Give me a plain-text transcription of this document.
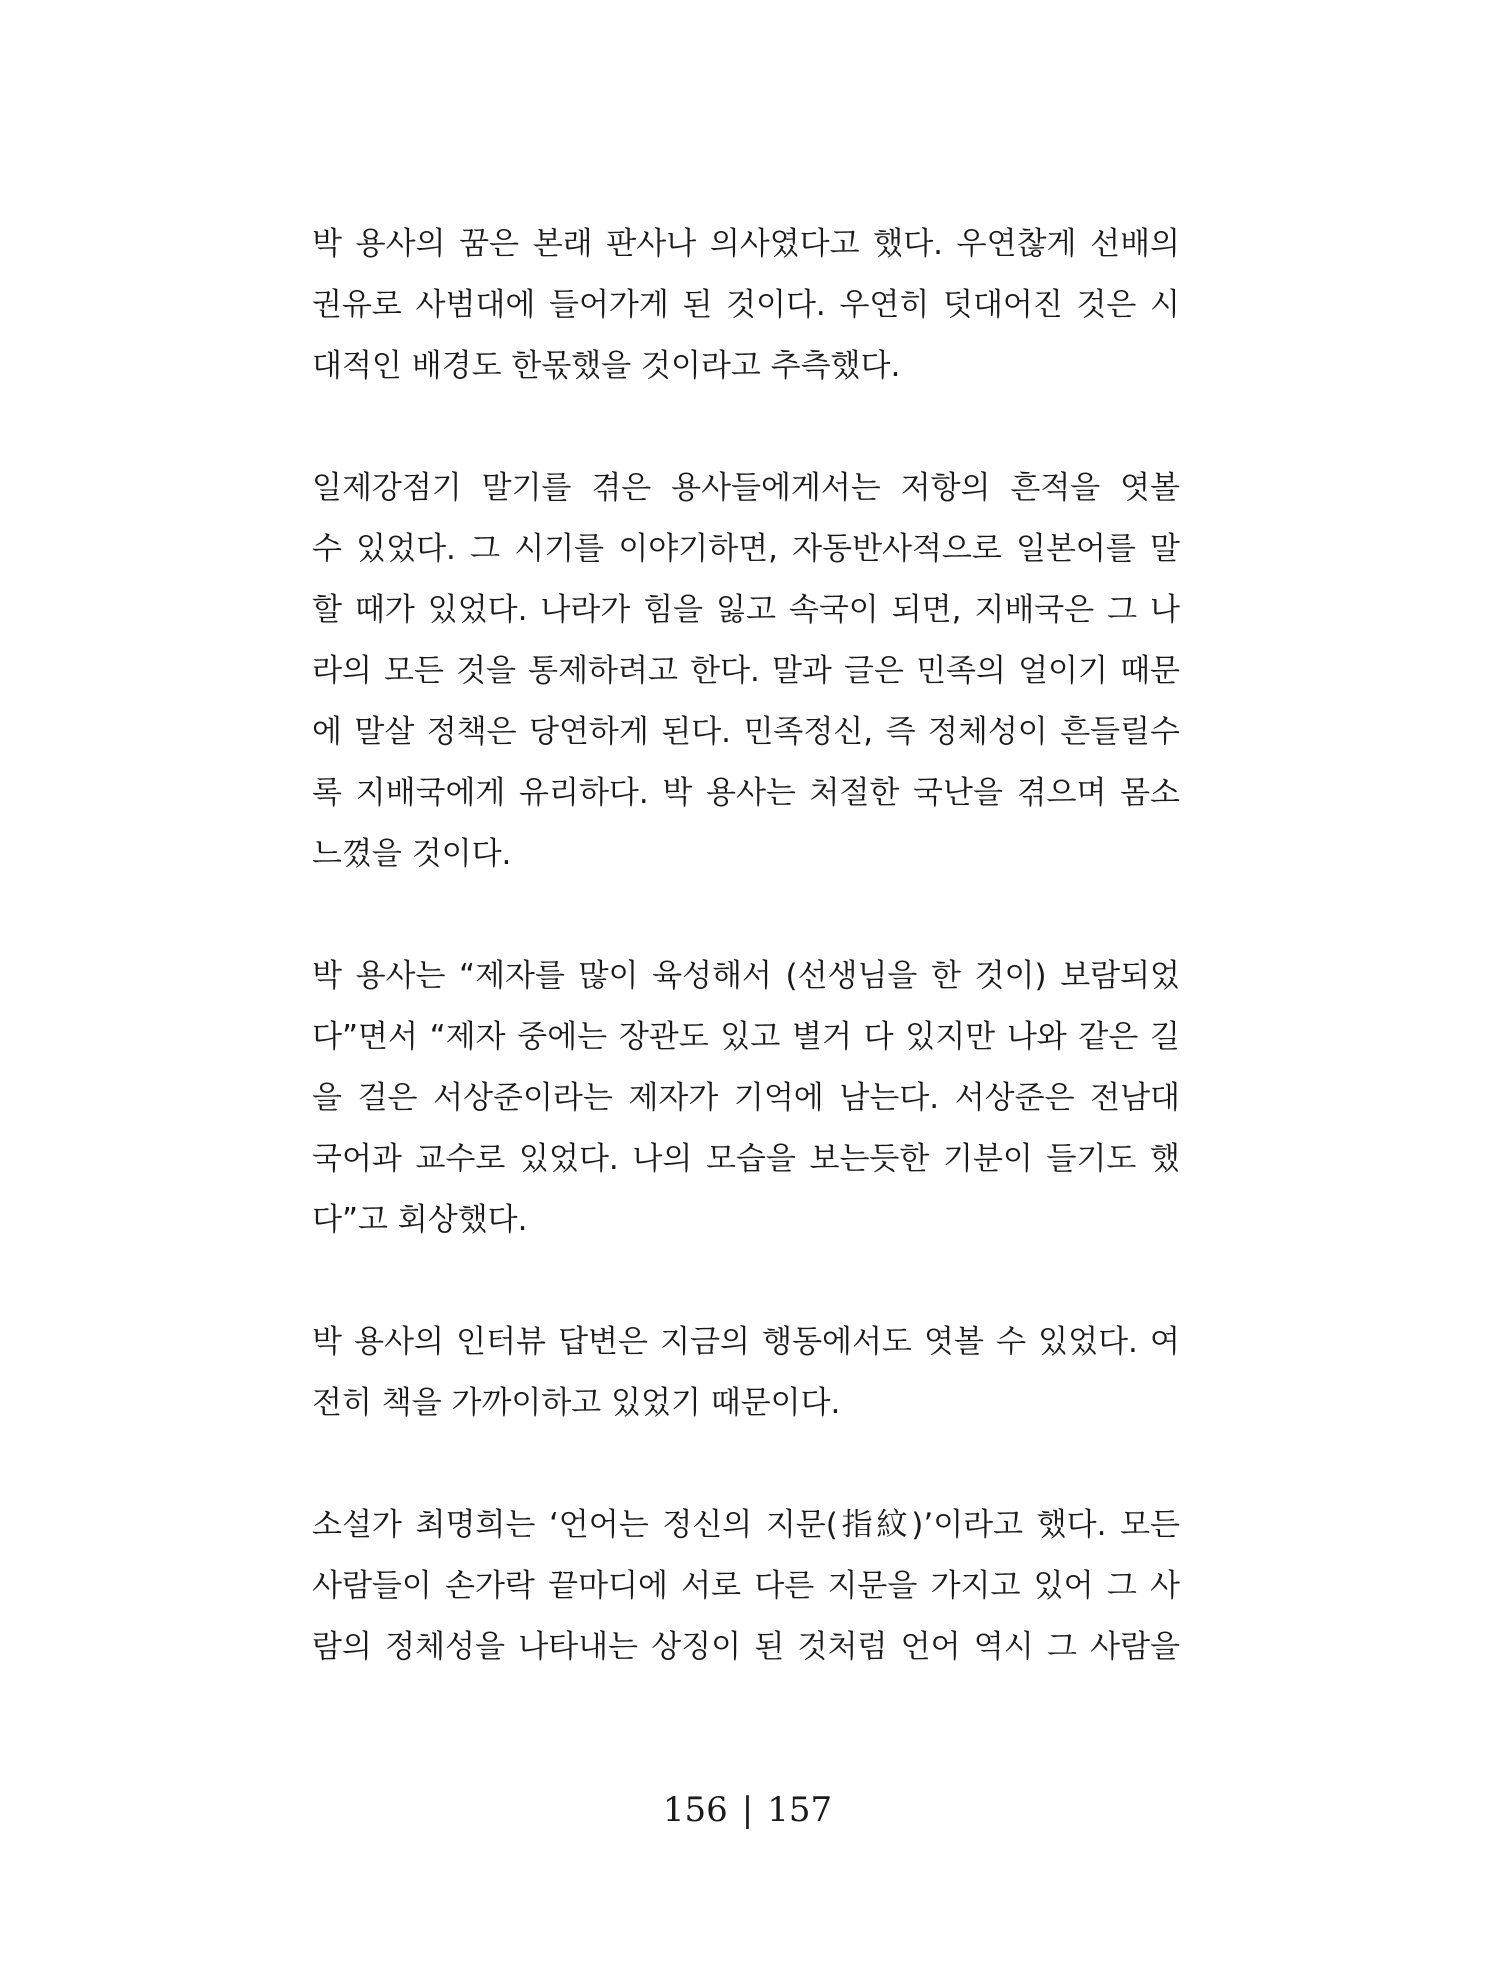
박 용사의 꿈은 본래 판사나 의사였다고 했다. 우연찮게 선배의
권유로 사범대에 들어가게 된 것이다. 우연히 덧대어진 것은 시
대적인 배경도 한몫했을 것이라고 추측했다.
일제강점기 말기를 겪은 용사들에게서는 저항의 흔적을 엿볼
수 있었다. 그 시기를 이야기하면, 자동반사적으로 일본어를 말
할 때가 있었다. 나라가 힘을 잃고 속국이 되면, 지배국은 그 나
라의 모든 것을 통제하려고 한다. 말과 글은 민족의 얼이기 때문
에 말살 정책은 당연하게 된다. 민족정신, 즉 정체성이 흔들릴수
록 지배국에게 유리하다. 박 용사는 처절한 국난을 겪으며 몸소
느꼈을 것이다.
박 용사는 “제자를 많이 육성해서 (선생님을 한 것이) 보람되었
다”면서 “제자 중에는 장관도 있고 별거 다 있지만 나와 같은 길
을 걸은 서상준이라는 제자가 기억에 남는다. 서상준은 전남대
국어과 교수로 있었다. 나의 모습을 보는듯한 기분이 들기도 했
다”고 회상했다.
박 용사의 인터뷰 답변은 지금의 행동에서도 엿볼 수 있었다. 여
전히 책을 가까이하고 있었기 때문이다.
소설가 최명희는 ‘언어는 정신의 지문(指紋)’이라고 했다. 모든
사람들이 손가락 끝마디에 서로 다른 지문을 가지고 있어 그 사
람의 정체성을 나타내는 상징이 된 것처럼 언어 역시 그 사람을
156 | 157
